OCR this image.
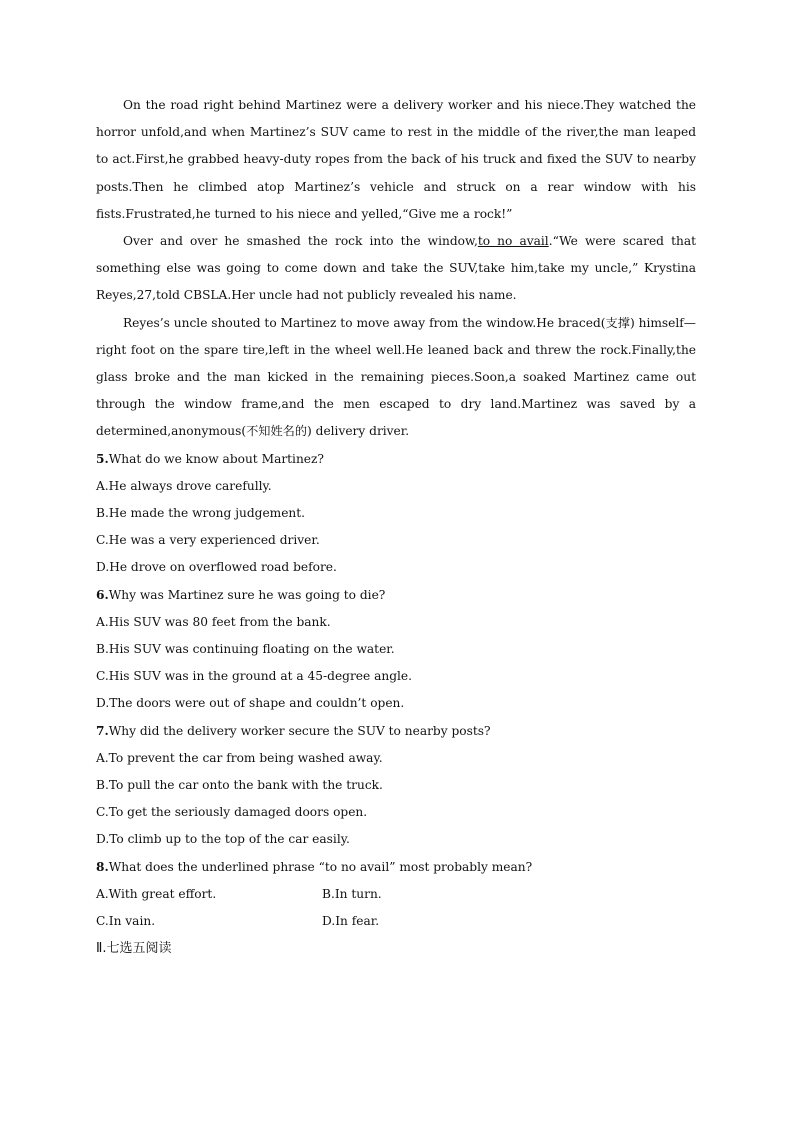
On the road right behind Martinez were a delivery worker and his niece.They watched the horror unfold,and when Martinez’s SUV came to rest in the middle of the river,the man leaped to act.First,he grabbed heavy-duty ropes from the back of his truck and fixed the SUV to nearby posts.Then he climbed atop Martinez’s vehicle and struck on a rear window with his fists.Frustrated,he turned to his niece and yelled,“Give me a rock!”

Over and over he smashed the rock into the window,to no avail.“We were scared that something else was going to come down and take the SUV,take him,take my uncle,” Krystina Reyes,27,told CBSLA.Her uncle had not publicly revealed his name.

Reyes’s uncle shouted to Martinez to move away from the window.He braced(支撑) himself—right foot on the spare tire,left in the wheel well.He leaned back and threw the rock.Finally,the glass broke and the man kicked in the remaining pieces.Soon,a soaked Martinez came out through the window frame,and the men escaped to dry land.Martinez was saved by a determined,anonymous(不知姓名的) delivery driver.

5.What do we know about Martinez?

A.He always drove carefully.

B.He made the wrong judgement.

C.He was a very experienced driver.

D.He drove on overflowed road before.

6.Why was Martinez sure he was going to die?

A.His SUV was 80 feet from the bank.

B.His SUV was continuing floating on the water.

C.His SUV was in the ground at a 45-degree angle.

D.The doors were out of shape and couldn’t open.

7.Why did the delivery worker secure the SUV to nearby posts?

A.To prevent the car from being washed away.

B.To pull the car onto the bank with the truck.

C.To get the seriously damaged doors open.

D.To climb up to the top of the car easily.

8.What does the underlined phrase “to no avail” most probably mean?

A.With great effort.	B.In turn.

C.In vain.	D.In fear.

Ⅱ.七选五阅读
